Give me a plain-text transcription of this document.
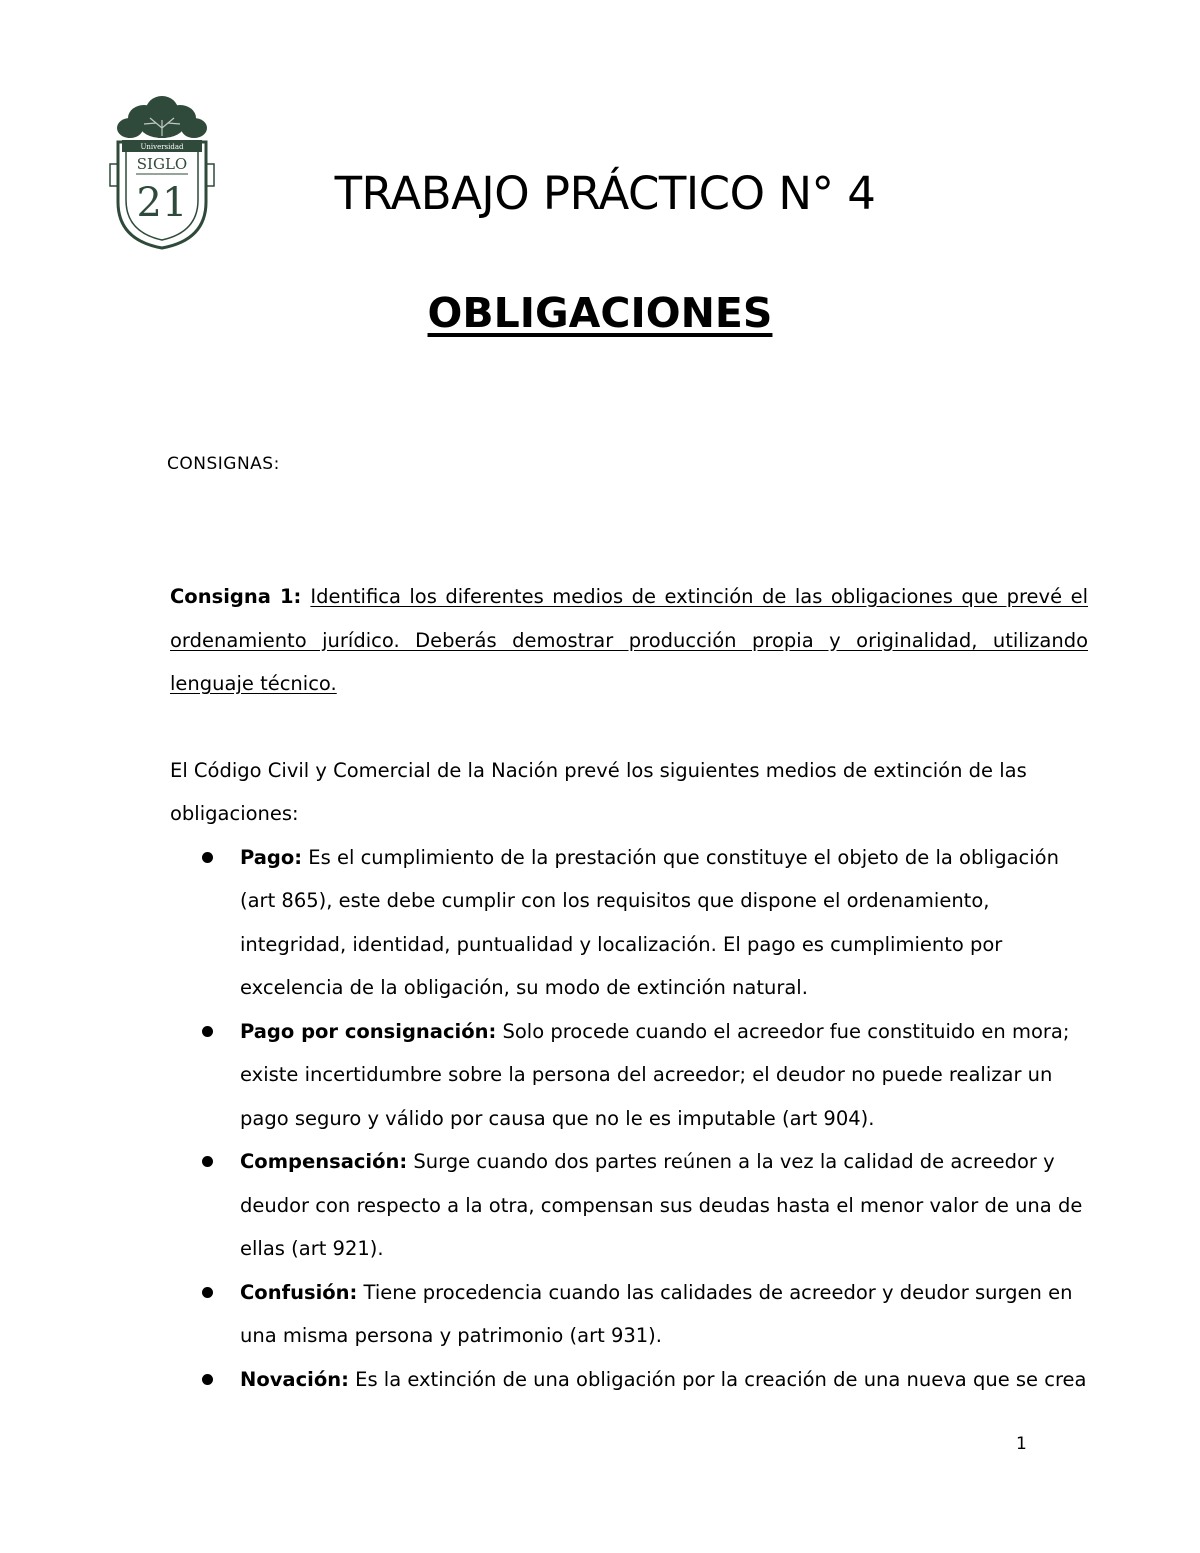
Universidad
SIGLO
21	TRABAJO PRÁCTICO N° 4
OBLIGACIONES
CONSIGNAS:

Consigna 1: Identifica los diferentes medios de extinción de las obligaciones que prevé el ordenamiento jurídico. Deberás demostrar producción propia y originalidad, utilizando lenguaje técnico.

El Código Civil y Comercial de la Nación prevé los siguientes medios de extinción de las obligaciones:

Pago: Es el cumplimiento de la prestación que constituye el objeto de la obligación (art 865), este debe cumplir con los requisitos que dispone el ordenamiento, integridad, identidad, puntualidad y localización. El pago es cumplimiento por excelencia de la obligación, su modo de extinción natural.
Pago por consignación: Solo procede cuando el acreedor fue constituido en mora; existe incertidumbre sobre la persona del acreedor; el deudor no puede realizar un pago seguro y válido por causa que no le es imputable (art 904).
Compensación: Surge cuando dos partes reúnen a la vez la calidad de acreedor y deudor con respecto a la otra, compensan sus deudas hasta el menor valor de una de ellas (art 921).
Confusión: Tiene procedencia cuando las calidades de acreedor y deudor surgen en una misma persona y patrimonio (art 931).
Novación: Es la extinción de una obligación por la creación de una nueva que se crea
1
